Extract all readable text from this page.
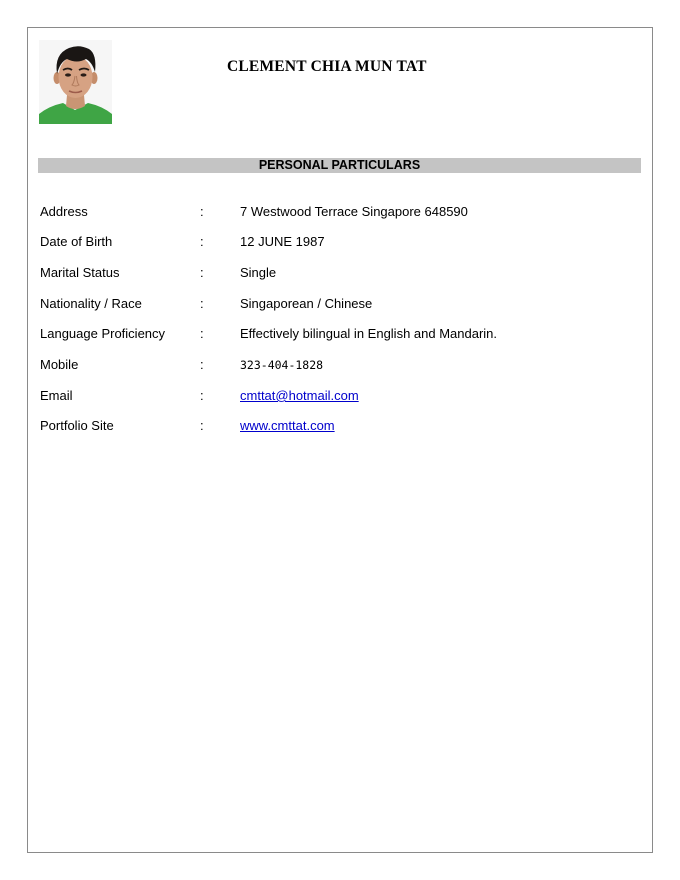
CLEMENT CHIA MUN TAT
PERSONAL PARTICULARS
Address	:	7 Westwood Terrace Singapore 648590
Date of Birth	:	12 JUNE 1987
Marital Status	:	Single
Nationality / Race	:	Singaporean / Chinese
Language Proficiency	:	Effectively bilingual in English and Mandarin.
Mobile	:	323-404-1828
Email	:	cmttat@hotmail.com
Portfolio Site	:	www.cmttat.com
